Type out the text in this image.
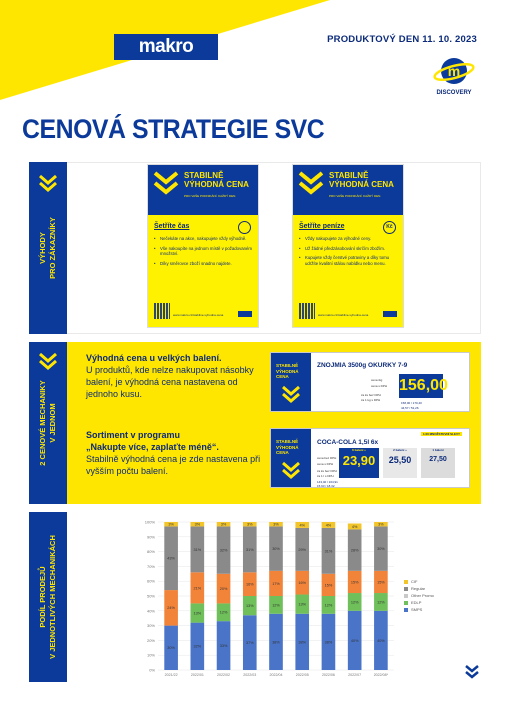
makro	PRODUKTOVÝ DEN 11. 10. 2023
m
DISCOVERY
CENOVÁ STRATEGIE SVC
VÝHODY PRO ZÁKAZNÍKY
STABILNĚ
VÝHODNÁ CENA
PRO VAŠE PODNIKÁNÍ. KAŽDÝ DEN.
Šetříte čas
• Nečekáte na akce, nakupujete vždy výhodně.
• Vše nakoupíte na jednom místě v požadovaném množství.
• Díky směrovce zboží snadno najdete.
www.makro.cz/stabilne-vyhodna-cena
STABILNĚ
VÝHODNÁ CENA
PRO VAŠE PODNIKÁNÍ. KAŽDÝ DEN.
Šetříte peníze	Kč
• Vždy nakupujete za výhodné ceny.
• Už žádné předzásobování skrčím zbožím.
• Kupujete vždy čerstvé potraviny a díky tomu udržíte kvalitní stálou nabídku nebo menu.
www.makro.cz/stabilne-vyhodna-cena
2 CENOVÉ MECHANIKY V JEDNOM
Výhodná cena u velkých balení.
U produktů, kde nelze nakupovat násobky balení, je výhodná cena nastavena od jednoho kusu.
Sortiment v programu
„Nakupte více, zaplaťte méně“.
Stabilně výhodná cena je zde nastavena při vyšším počtu balení.
STABILNĚ
VÝHODNÁ
CENA
ZNOJMIA 3500g OKURKY 7-9
cena /kg
cena s DPH
za ks bez DPH
za 1 kg s DPH
156,00
158,00 / 170,40
44,57 / 51,26
STABILNĚ
VÝHODNÁ
CENA
1.00 MNOŽSTEVNÍ SLEVY
COCA-COLA 1,5l 6x
cena bez DPH
cena s DPH
za ks bez DPH
za 1 l s DPH
143,40 / 164,91
15,93 / 18,32
6 balení +
23,90
2 balení +
25,50
1 balení
27,50
PODÍL PRODEJŮ V JEDNOTLIVÝCH MECHANIKÁCH
0%
10%
20%
30%
40%
50%
60%
70%
80%
90%
100%
30%
24%
43%
3%
2021/22
32%
13%
21%
31%
3%
2022/01
33%
12%
20%
32%
3%
2022/02
37%
13%
16%
31%
3%
2022/03
38%
12%
17%
30%
3%
2022/04
38%
13%
16%
29%
4%
2022/05
38%
12%
15%
31%
4%
2022/06
40%
12%
15%
28%
4%
2022/07
40%
12%
15%
30%
3%
2022/08*
CIF
Regular
Other Promo
EDLP
SMPS
